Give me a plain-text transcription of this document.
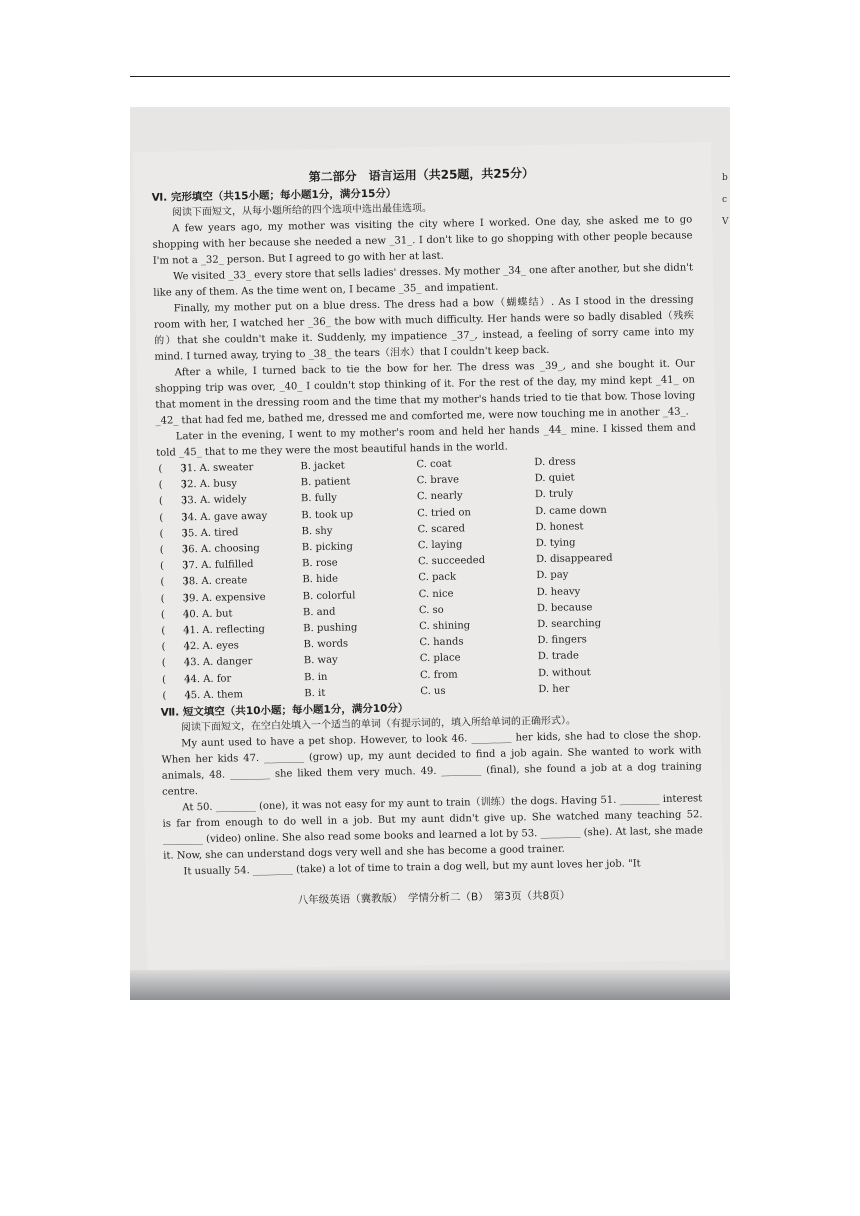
第二部分　语言运用（共25题，共25分）
Ⅵ. 完形填空（共15小题；每小题1分，满分15分）
阅读下面短文，从每小题所给的四个选项中选出最佳选项。

A few years ago, my mother was visiting the city where I worked. One day, she asked me to go shopping with her because she needed a new _31_. I don't like to go shopping with other people because I'm not a _32_ person. But I agreed to go with her at last.

We visited _33_ every store that sells ladies' dresses. My mother _34_ one after another, but she didn't like any of them. As the time went on, I became _35_ and impatient.

Finally, my mother put on a blue dress. The dress had a bow（蝴蝶结）. As I stood in the dressing room with her, I watched her _36_ the bow with much difficulty. Her hands were so badly disabled（残疾的）that she couldn't make it. Suddenly, my impatience _37_, instead, a feeling of sorry came into my mind. I turned away, trying to _38_ the tears（泪水）that I couldn't keep back.

After a while, I turned back to tie the bow for her. The dress was _39_, and she bought it. Our shopping trip was over, _40_ I couldn't stop thinking of it. For the rest of the day, my mind kept _41_ on that moment in the dressing room and the time that my mother's hands tried to tie that bow. Those loving _42_ that had fed me, bathed me, dressed me and comforted me, were now touching me in another _43_.

Later in the evening, I went to my mother's room and held her hands _44_ mine. I kissed them and told _45_ that to me they were the most beautiful hands in the world.

(　　)
31. A. sweater	B. jacket	C. coat	D. dress
(　　)
32. A. busy	B. patient	C. brave	D. quiet
(　　)
33. A. widely	B. fully	C. nearly	D. truly
(　　)
34. A. gave away	B. took up	C. tried on	D. came down
(　　)
35. A. tired	B. shy	C. scared	D. honest
(　　)
36. A. choosing	B. picking	C. laying	D. tying
(　　)
37. A. fulfilled	B. rose	C. succeeded	D. disappeared
(　　)
38. A. create	B. hide	C. pack	D. pay
(　　)
39. A. expensive	B. colorful	C. nice	D. heavy
(　　)
40. A. but	B. and	C. so	D. because
(　　)
41. A. reflecting	B. pushing	C. shining	D. searching
(　　)
42. A. eyes	B. words	C. hands	D. fingers
(　　)
43. A. danger	B. way	C. place	D. trade
(　　)
44. A. for	B. in	C. from	D. without
(　　)
45. A. them	B. it	C. us	D. her
Ⅶ. 短文填空（共10小题；每小题1分，满分10分）
阅读下面短文，在空白处填入一个适当的单词（有提示词的，填入所给单词的正确形式）。

My aunt used to have a pet shop. However, to look 46. ________ her kids, she had to close the shop. When her kids 47. ________ (grow) up, my aunt decided to find a job again. She wanted to work with animals, 48. ________ she liked them very much. 49. ________ (final), she found a job at a dog training centre.

At 50. ________ (one), it was not easy for my aunt to train（训练）the dogs. Having 51. ________ interest is far from enough to do well in a job. But my aunt didn't give up. She watched many teaching 52. ________ (video) online. She also read some books and learned a lot by 53. ________ (she). At last, she made it. Now, she can understand dogs very well and she has become a good trainer.

It usually 54. ________ (take) a lot of time to train a dog well, but my aunt loves her job. "It

八年级英语（冀教版）　学情分析二（B）　第3页（共8页）
b
c
V
